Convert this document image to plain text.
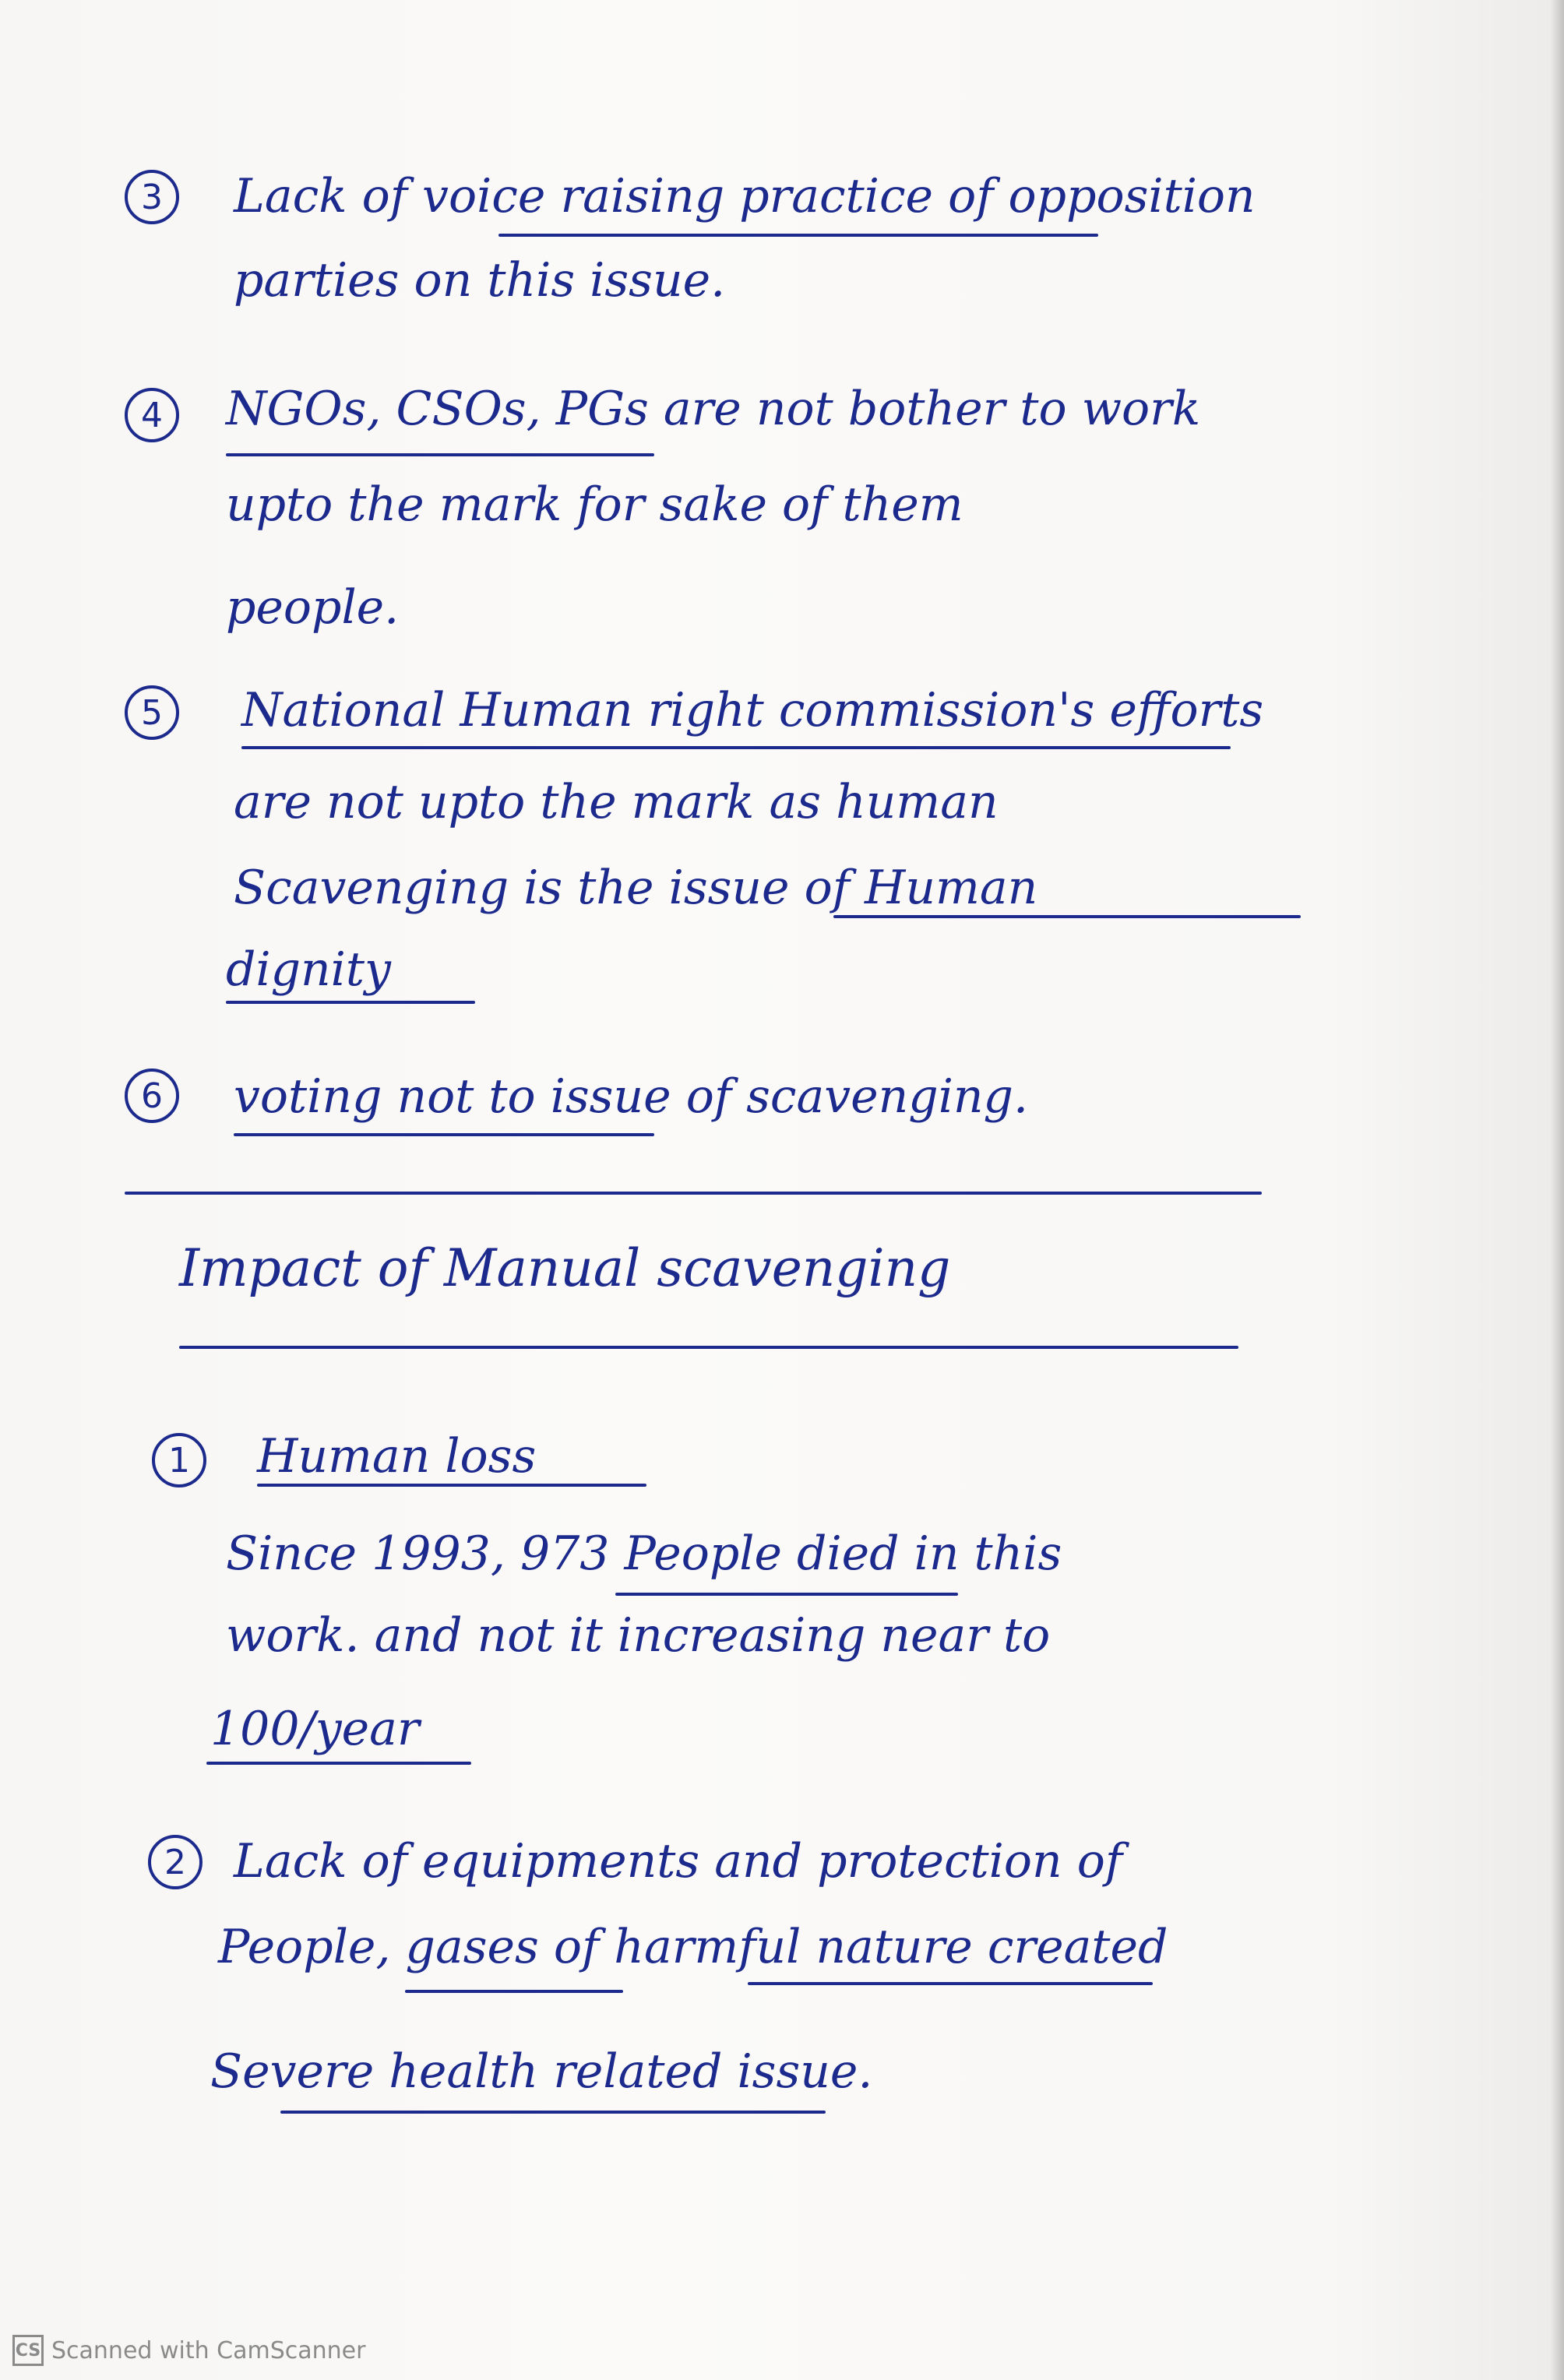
3 Lack of voice raising practice of opposition
parties on this issue.
4 NGOs, CSOs, PGs are not bother to work
upto the mark for sake of them
people.
5 National Human right commission's efforts
are not upto the mark as human
Scavenging is the issue of Human
dignity
6 voting not to issue of scavenging.
Impact of Manual scavenging
1 Human loss
Since 1993, 973 People died in this
work. and not it increasing near to
100/year
2 Lack of equipments and protection of
People, gases of harmful nature created
Severe health related issue.
CS Scanned with CamScanner
